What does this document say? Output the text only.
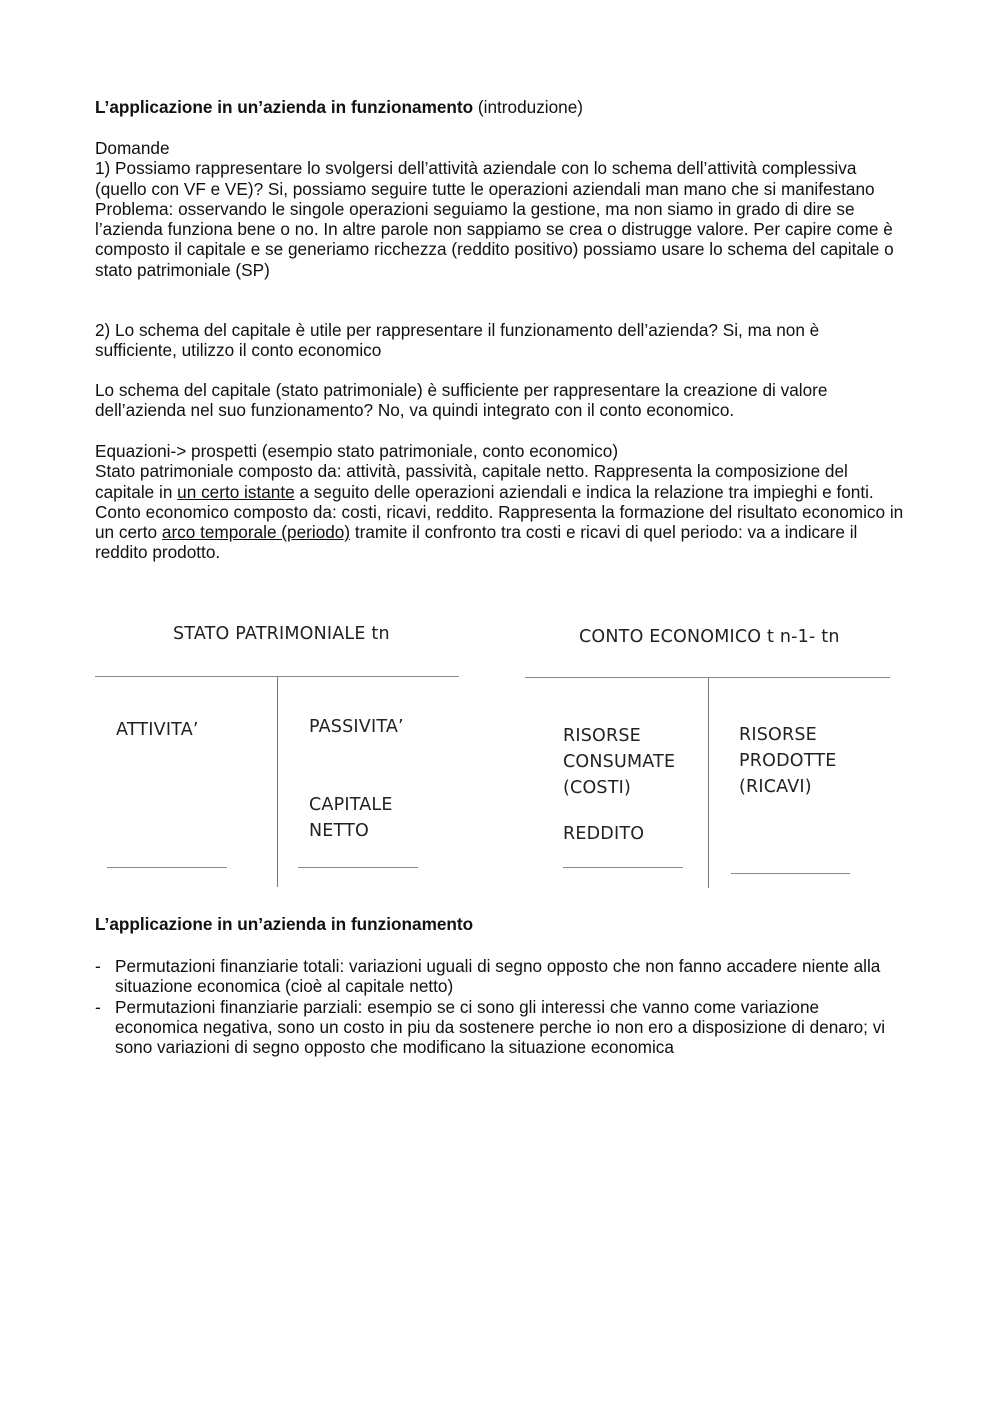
L’applicazione in un’azienda in funzionamento (introduzione)
Domande
1) Possiamo rappresentare lo svolgersi dell’attività aziendale con lo schema dell’attività complessiva (quello con VF e VE)? Si, possiamo seguire tutte le operazioni aziendali man mano che si manifestano
Problema: osservando le singole operazioni seguiamo la gestione, ma non siamo in grado di dire se l’azienda funziona bene o no. In altre parole non sappiamo se crea o distrugge valore. Per capire come è composto il capitale e se generiamo ricchezza (reddito positivo) possiamo usare lo schema del capitale o stato patrimoniale (SP)
2) Lo schema del capitale è utile per rappresentare il funzionamento dell’azienda? Si, ma non è sufficiente, utilizzo il conto economico
Lo schema del capitale (stato patrimoniale) è sufficiente per rappresentare la creazione di valore dell’azienda nel suo funzionamento? No, va quindi integrato con il conto economico.
Equazioni-> prospetti (esempio stato patrimoniale, conto economico)
Stato patrimoniale composto da: attività, passività, capitale netto. Rappresenta la composizione del capitale in un certo istante a seguito delle operazioni aziendali e indica la relazione tra impieghi e fonti.
Conto economico composto da: costi, ricavi, reddito. Rappresenta la formazione del risultato economico in un certo arco temporale (periodo) tramite il confronto tra costi e ricavi di quel periodo: va a indicare il reddito prodotto.
STATO PATRIMONIALE tn
ATTIVITA’	PASSIVITA’
CAPITALE
NETTO
CONTO ECONOMICO t n-1- tn
RISORSE
CONSUMATE
(COSTI)
REDDITO
RISORSE
PRODOTTE
(RICAVI)
L’applicazione in un’azienda in funzionamento
- Permutazioni finanziarie totali: variazioni uguali di segno opposto che non fanno accadere niente alla situazione economica (cioè al capitale netto)
- Permutazioni finanziarie parziali: esempio se ci sono gli interessi che vanno come variazione economica negativa, sono un costo in piu da sostenere perche io non ero a disposizione di denaro; vi sono variazioni di segno opposto che modificano la situazione economica
